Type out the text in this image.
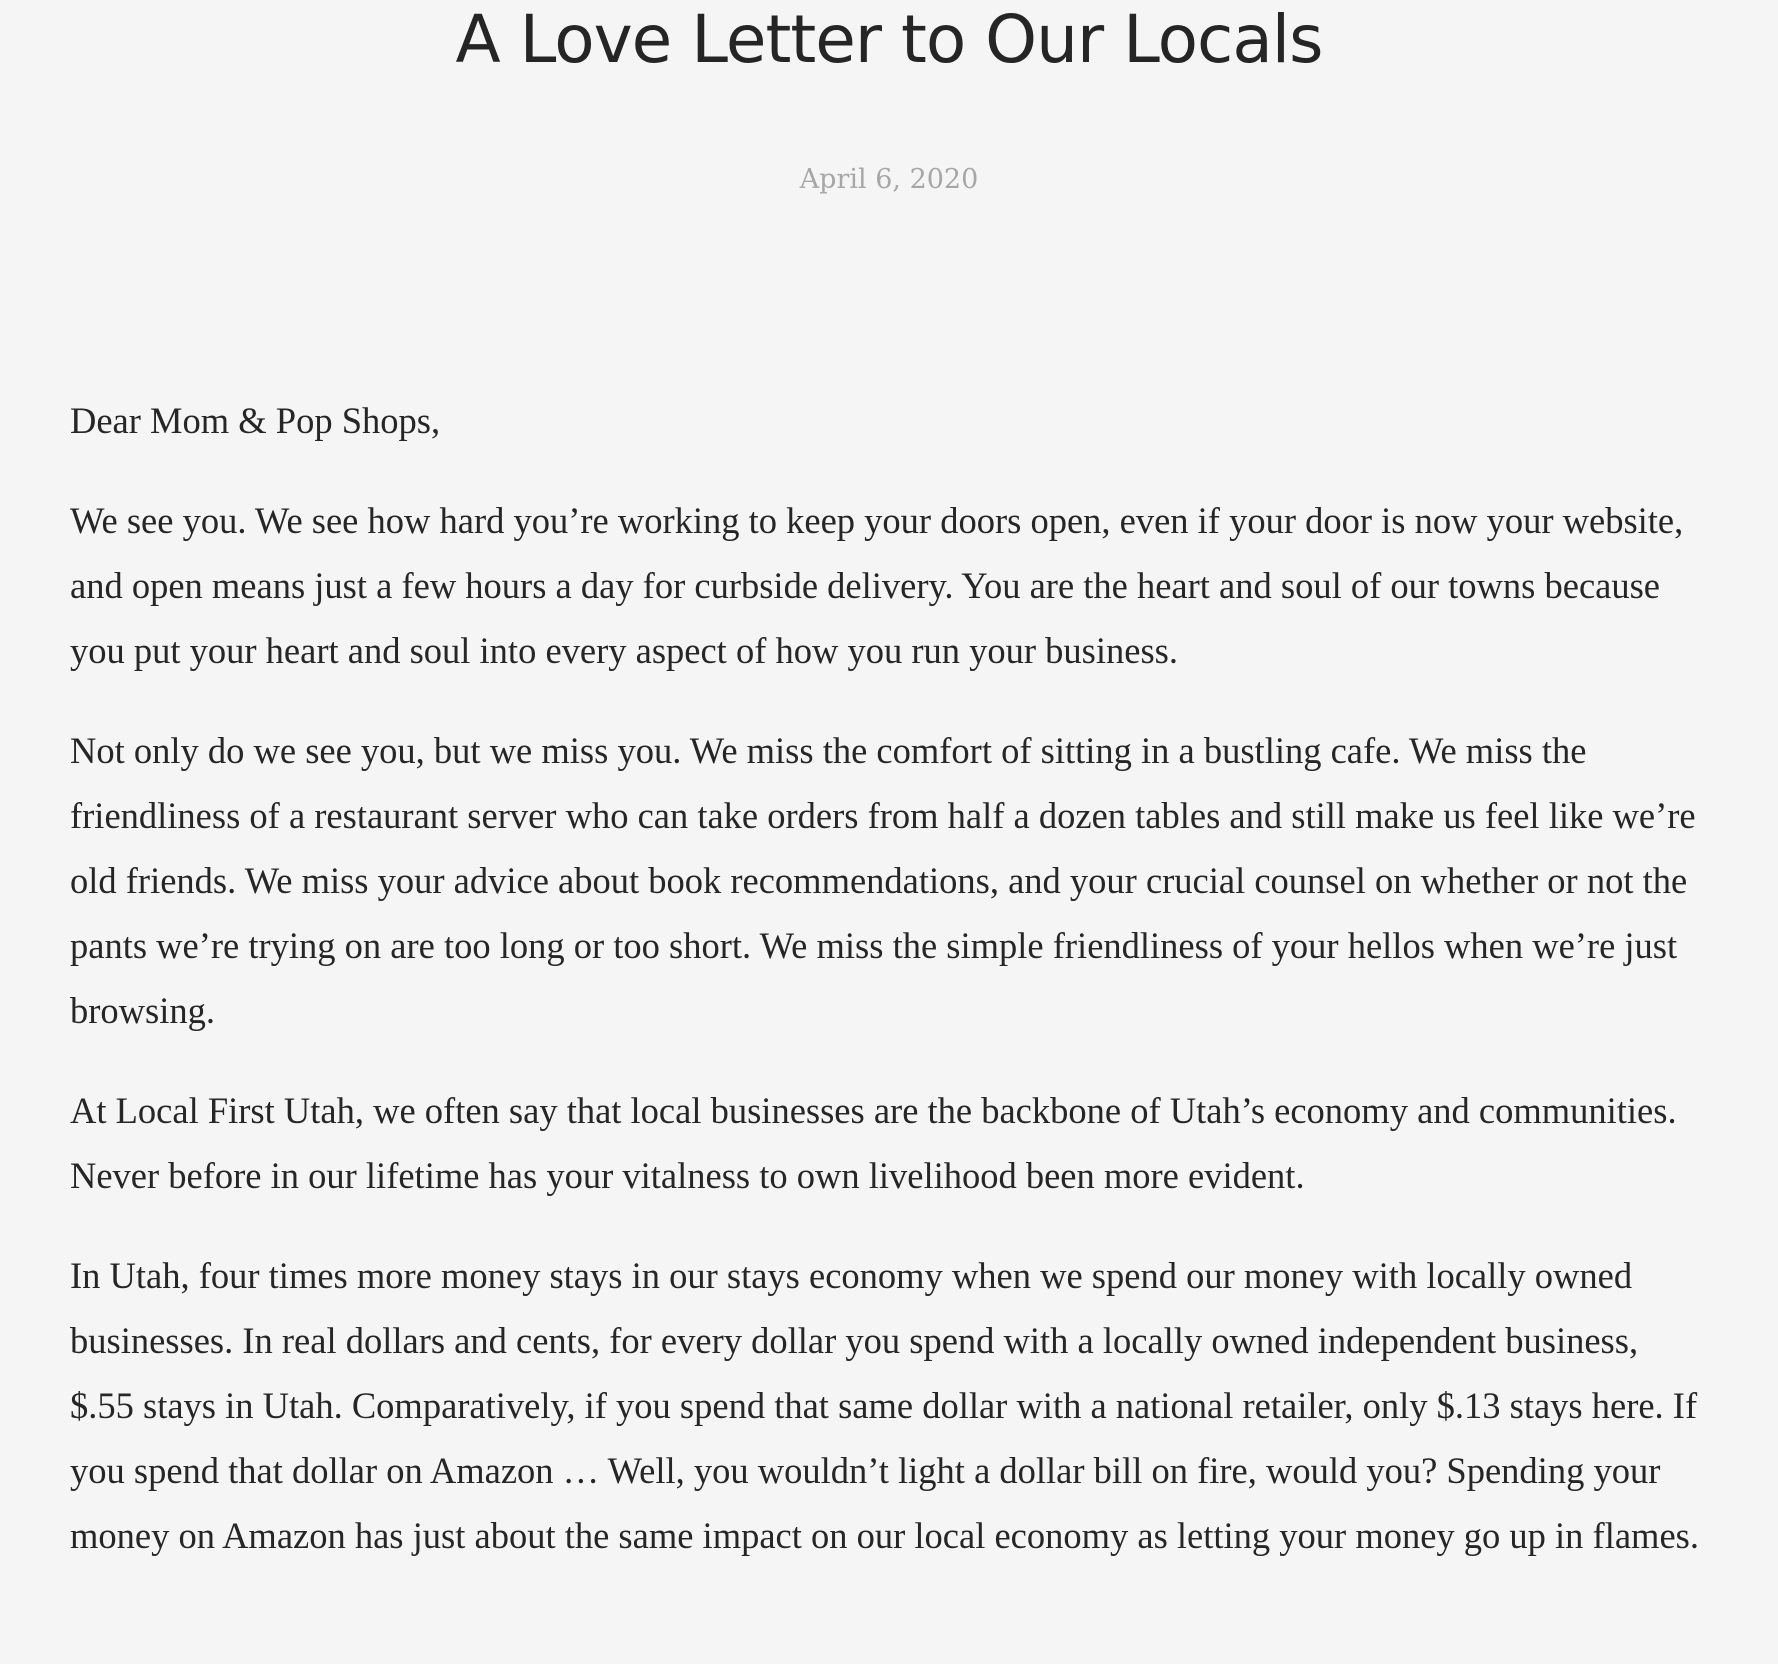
A Love Letter to Our Locals
April 6, 2020

Dear Mom & Pop Shops,

We see you. We see how hard you’re working to keep your doors open, even if your door is now your website, and open means just a few hours a day for curbside delivery. You are the heart and soul of our towns because you put your heart and soul into every aspect of how you run your business.

Not only do we see you, but we miss you. We miss the comfort of sitting in a bustling cafe. We miss the friendliness of a restaurant server who can take orders from half a dozen tables and still make us feel like we’re old friends. We miss your advice about book recommendations, and your crucial counsel on whether or not the pants we’re trying on are too long or too short. We miss the simple friendliness of your hellos when we’re just browsing.

At Local First Utah, we often say that local businesses are the backbone of Utah’s economy and communities. Never before in our lifetime has your vitalness to own livelihood been more evident.

In Utah, four times more money stays in our stays economy when we spend our money with locally owned businesses. In real dollars and cents, for every dollar you spend with a locally owned independent business, $.55 stays in Utah. Comparatively, if you spend that same dollar with a national retailer, only $.13 stays here. If you spend that dollar on Amazon … Well, you wouldn’t light a dollar bill on fire, would you? Spending your money on Amazon has just about the same impact on our local economy as letting your money go up in flames.
